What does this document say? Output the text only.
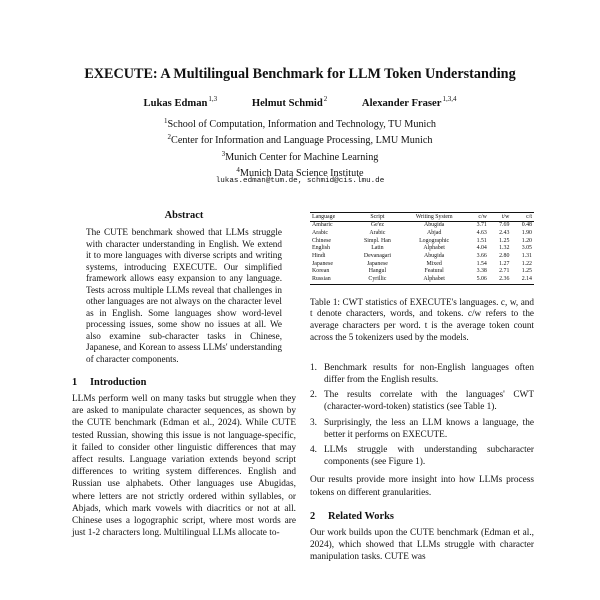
EXECUTE: A Multilingual Benchmark for LLM Token Understanding
Lukas Edman$^{1,3}$	Helmut Schmid$^2$	Alexander Fraser$^{1,3,4}$
$^1$School of Computation, Information and Technology, TU Munich
$^2$Center for Information and Language Processing, LMU Munich
$^3$Munich Center for Machine Learning
$^4$Munich Data Science Institute
lukas.edman@tum.de, schmid@cis.lmu.de
Abstract

The CUTE benchmark showed that LLMs struggle with character understanding in English. We extend it to more languages with diverse scripts and writing systems, introducing EXECUTE. Our simplified framework allows easy expansion to any language. Tests across multiple LLMs reveal that challenges in other languages are not always on the character level as in English. Some languages show word-level processing issues, some show no issues at all. We also examine sub-character tasks in Chinese, Japanese, and Korean to assess LLMs' understanding of character components.

1 Introduction

LLMs perform well on many tasks but struggle when they are asked to manipulate character sequences, as shown by the CUTE benchmark (Edman et al., 2024). While CUTE tested Russian, showing this issue is not language-specific, it failed to consider other linguistic differences that may affect results. Language variation extends beyond script differences to writing system differences. English and Russian use alphabets. Other languages use Abugidas, where letters are not strictly ordered within syllables, or Abjads, which mark vowels with diacritics or not at all. Chinese uses a logographic script, where most words are just 1-2 characters long. Multilingual LLMs allocate to-

Language	Script	Writing System	c/w	t/w	c/t
Amharic	Ge'ez	Abugida	3.71	7.69	0.48
Arabic	Arabic	Abjad	4.63	2.43	1.90
Chinese	Simpl. Han	Logographic	1.51	1.25	1.20
English	Latin	Alphabet	4.04	1.32	3.05
Hindi	Devanagari	Abugida	3.66	2.80	1.31
Japanese	Japanese	Mixed	1.54	1.27	1.22
Korean	Hangul	Featural	3.38	2.71	1.25
Russian	Cyrillic	Alphabet	5.06	2.36	2.14

Table 1: CWT statistics of EXECUTE's languages. c, w, and t denote characters, words, and tokens. c/w refers to the average characters per word. t is the average token count across the 5 tokenizers used by the models.

1. Benchmark results for non-English languages often differ from the English results.
2. The results correlate with the languages' CWT (character-word-token) statistics (see Table 1).
3. Surprisingly, the less an LLM knows a language, the better it performs on EXECUTE.
4. LLMs struggle with understanding subcharacter components (see Figure 1).

Our results provide more insight into how LLMs process tokens on different granularities.

2 Related Works

Our work builds upon the CUTE benchmark (Edman et al., 2024), which showed that LLMs struggle with character manipulation tasks. CUTE was
